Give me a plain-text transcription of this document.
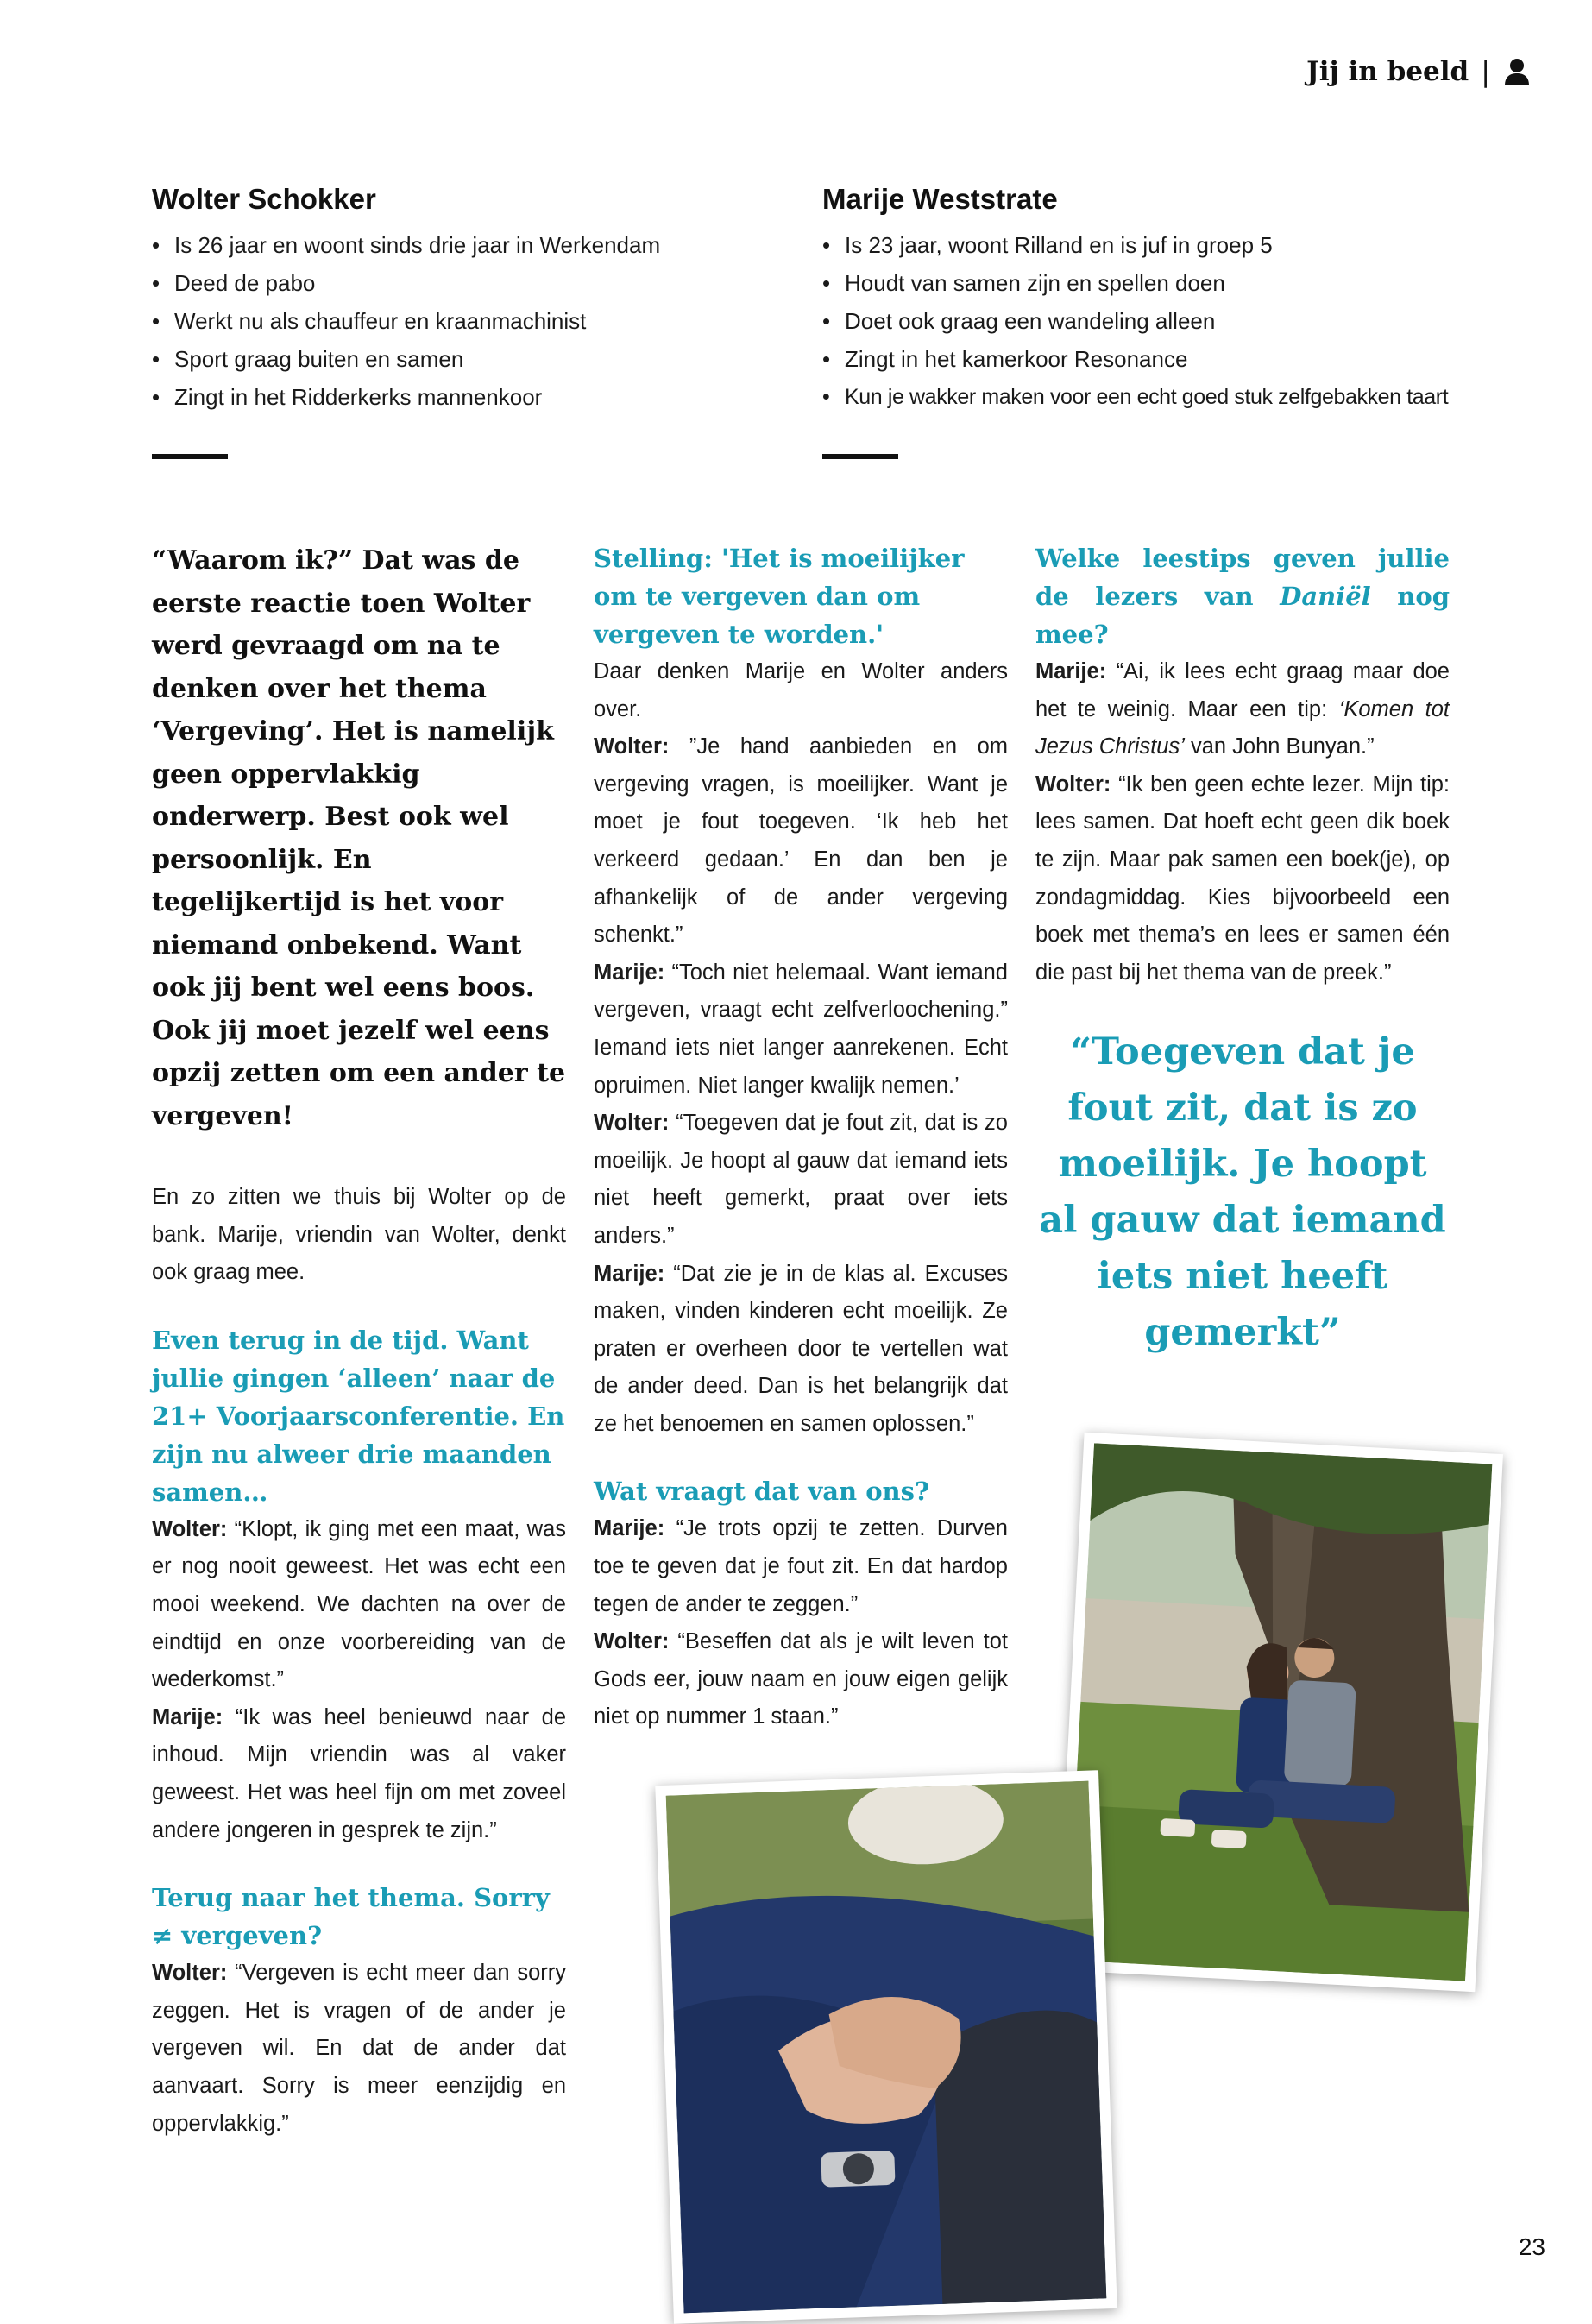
Jij in beeld |
Wolter Schokker
• Is 26 jaar en woont sinds drie jaar in Werkendam
• Deed de pabo
• Werkt nu als chauffeur en kraanmachinist
• Sport graag buiten en samen
• Zingt in het Ridderkerks mannenkoor
Marije Weststrate
• Is 23 jaar, woont Rilland en is juf in groep 5
• Houdt van samen zijn en spellen doen
• Doet ook graag een wandeling alleen
• Zingt in het kamerkoor Resonance
• Kun je wakker maken voor een echt goed stuk zelfgebakken taart

“Waarom ik?” Dat was de eerste reactie toen Wolter werd gevraagd om na te denken over het thema ‘Vergeving’. Het is namelijk geen oppervlakkig onderwerp. Best ook wel persoonlijk. En tegelijkertijd is het voor niemand onbekend. Want ook jij bent wel eens boos. Ook jij moet jezelf wel eens opzij zetten om een ander te vergeven!

En zo zitten we thuis bij Wolter op de bank. Marije, vriendin van Wolter, denkt ook graag mee.

Even terug in de tijd. Want jullie gingen ‘alleen’ naar de 21+ Voorjaarsconferentie. En zijn nu alweer drie maanden samen…

Wolter: “Klopt, ik ging met een maat, was er nog nooit geweest. Het was echt een mooi weekend. We dachten na over de eindtijd en onze voorbereiding van de wederkomst.”

Marije: “Ik was heel benieuwd naar de inhoud. Mijn vriendin was al vaker geweest. Het was heel fijn om met zoveel andere jongeren in gesprek te zijn.”

Terug naar het thema. Sorry ≠ vergeven?

Wolter: “Vergeven is echt meer dan sorry zeggen. Het is vragen of de ander je vergeven wil. En dat de ander dat aanvaart. Sorry is meer eenzijdig en oppervlakkig.”

Stelling: 'Het is moeilijker om te vergeven dan om vergeven te worden.'

Daar denken Marije en Wolter anders over.

Wolter: ”Je hand aanbieden en om vergeving vragen, is moeilijker. Want je moet je fout toegeven. ‘Ik heb het verkeerd gedaan.’ En dan ben je afhankelijk of de ander vergeving schenkt.”

Marije: “Toch niet helemaal. Want iemand vergeven, vraagt echt zelfverloochening.” Iemand iets niet langer aanrekenen. Echt opruimen. Niet langer kwalijk nemen.’

Wolter: “Toegeven dat je fout zit, dat is zo moeilijk. Je hoopt al gauw dat iemand iets niet heeft gemerkt, praat over iets anders.”

Marije: “Dat zie je in de klas al. Excuses maken, vinden kinderen echt moeilijk. Ze praten er overheen door te vertellen wat de ander deed. Dan is het belangrijk dat ze het benoemen en samen oplossen.”

Wat vraagt dat van ons?

Marije: “Je trots opzij te zetten. Durven toe te geven dat je fout zit. En dat hardop tegen de ander te zeggen.”

Wolter: “Beseffen dat als je wilt leven tot Gods eer, jouw naam en jouw eigen gelijk niet op nummer 1 staan.”

Welke leestips geven jullie de lezers van Daniël nog mee?

Marije: “Ai, ik lees echt graag maar doe het te weinig. Maar een tip: ‘Komen tot Jezus Christus’ van John Bunyan.”

Wolter: “Ik ben geen echte lezer. Mijn tip: lees samen. Dat hoeft echt geen dik boek te zijn. Maar pak samen een boek(je), op zondagmiddag. Kies bijvoorbeeld een boek met thema’s en lees er samen één die past bij het thema van de preek.”

“Toegeven dat je fout zit, dat is zo moeilijk. Je hoopt al gauw dat iemand iets niet heeft gemerkt”
23
